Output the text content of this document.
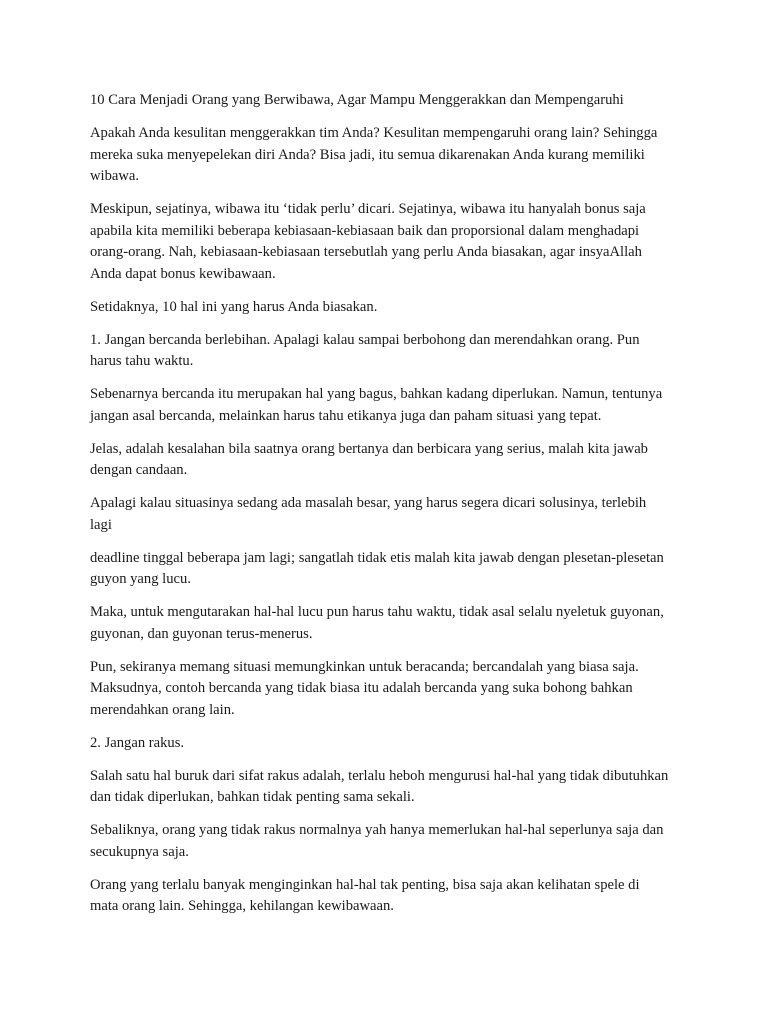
10 Cara Menjadi Orang yang Berwibawa, Agar Mampu Menggerakkan dan Mempengaruhi

Apakah Anda kesulitan menggerakkan tim Anda? Kesulitan mempengaruhi orang lain? Sehingga mereka suka menyepelekan diri Anda? Bisa jadi, itu semua dikarenakan Anda kurang memiliki wibawa.

Meskipun, sejatinya, wibawa itu ‘tidak perlu’ dicari. Sejatinya, wibawa itu hanyalah bonus saja apabila kita memiliki beberapa kebiasaan-kebiasaan baik dan proporsional dalam menghadapi orang-orang. Nah, kebiasaan-kebiasaan tersebutlah yang perlu Anda biasakan, agar insyaAllah Anda dapat bonus kewibawaan.

Setidaknya, 10 hal ini yang harus Anda biasakan.

1. Jangan bercanda berlebihan. Apalagi kalau sampai berbohong dan merendahkan orang. Pun harus tahu waktu.

Sebenarnya bercanda itu merupakan hal yang bagus, bahkan kadang diperlukan. Namun, tentunya jangan asal bercanda, melainkan harus tahu etikanya juga dan paham situasi yang tepat.

Jelas, adalah kesalahan bila saatnya orang bertanya dan berbicara yang serius, malah kita jawab dengan candaan.

Apalagi kalau situasinya sedang ada masalah besar, yang harus segera dicari solusinya, terlebih lagi

deadline tinggal beberapa jam lagi; sangatlah tidak etis malah kita jawab dengan plesetan-plesetan guyon yang lucu.

Maka, untuk mengutarakan hal-hal lucu pun harus tahu waktu, tidak asal selalu nyeletuk guyonan, guyonan, dan guyonan terus-menerus.

Pun, sekiranya memang situasi memungkinkan untuk beracanda; bercandalah yang biasa saja. Maksudnya, contoh bercanda yang tidak biasa itu adalah bercanda yang suka bohong bahkan merendahkan orang lain.

2. Jangan rakus.

Salah satu hal buruk dari sifat rakus adalah, terlalu heboh mengurusi hal-hal yang tidak dibutuhkan dan tidak diperlukan, bahkan tidak penting sama sekali.

Sebaliknya, orang yang tidak rakus normalnya yah hanya memerlukan hal-hal seperlunya saja dan secukupnya saja.

Orang yang terlalu banyak menginginkan hal-hal tak penting, bisa saja akan kelihatan spele di mata orang lain. Sehingga, kehilangan kewibawaan.
